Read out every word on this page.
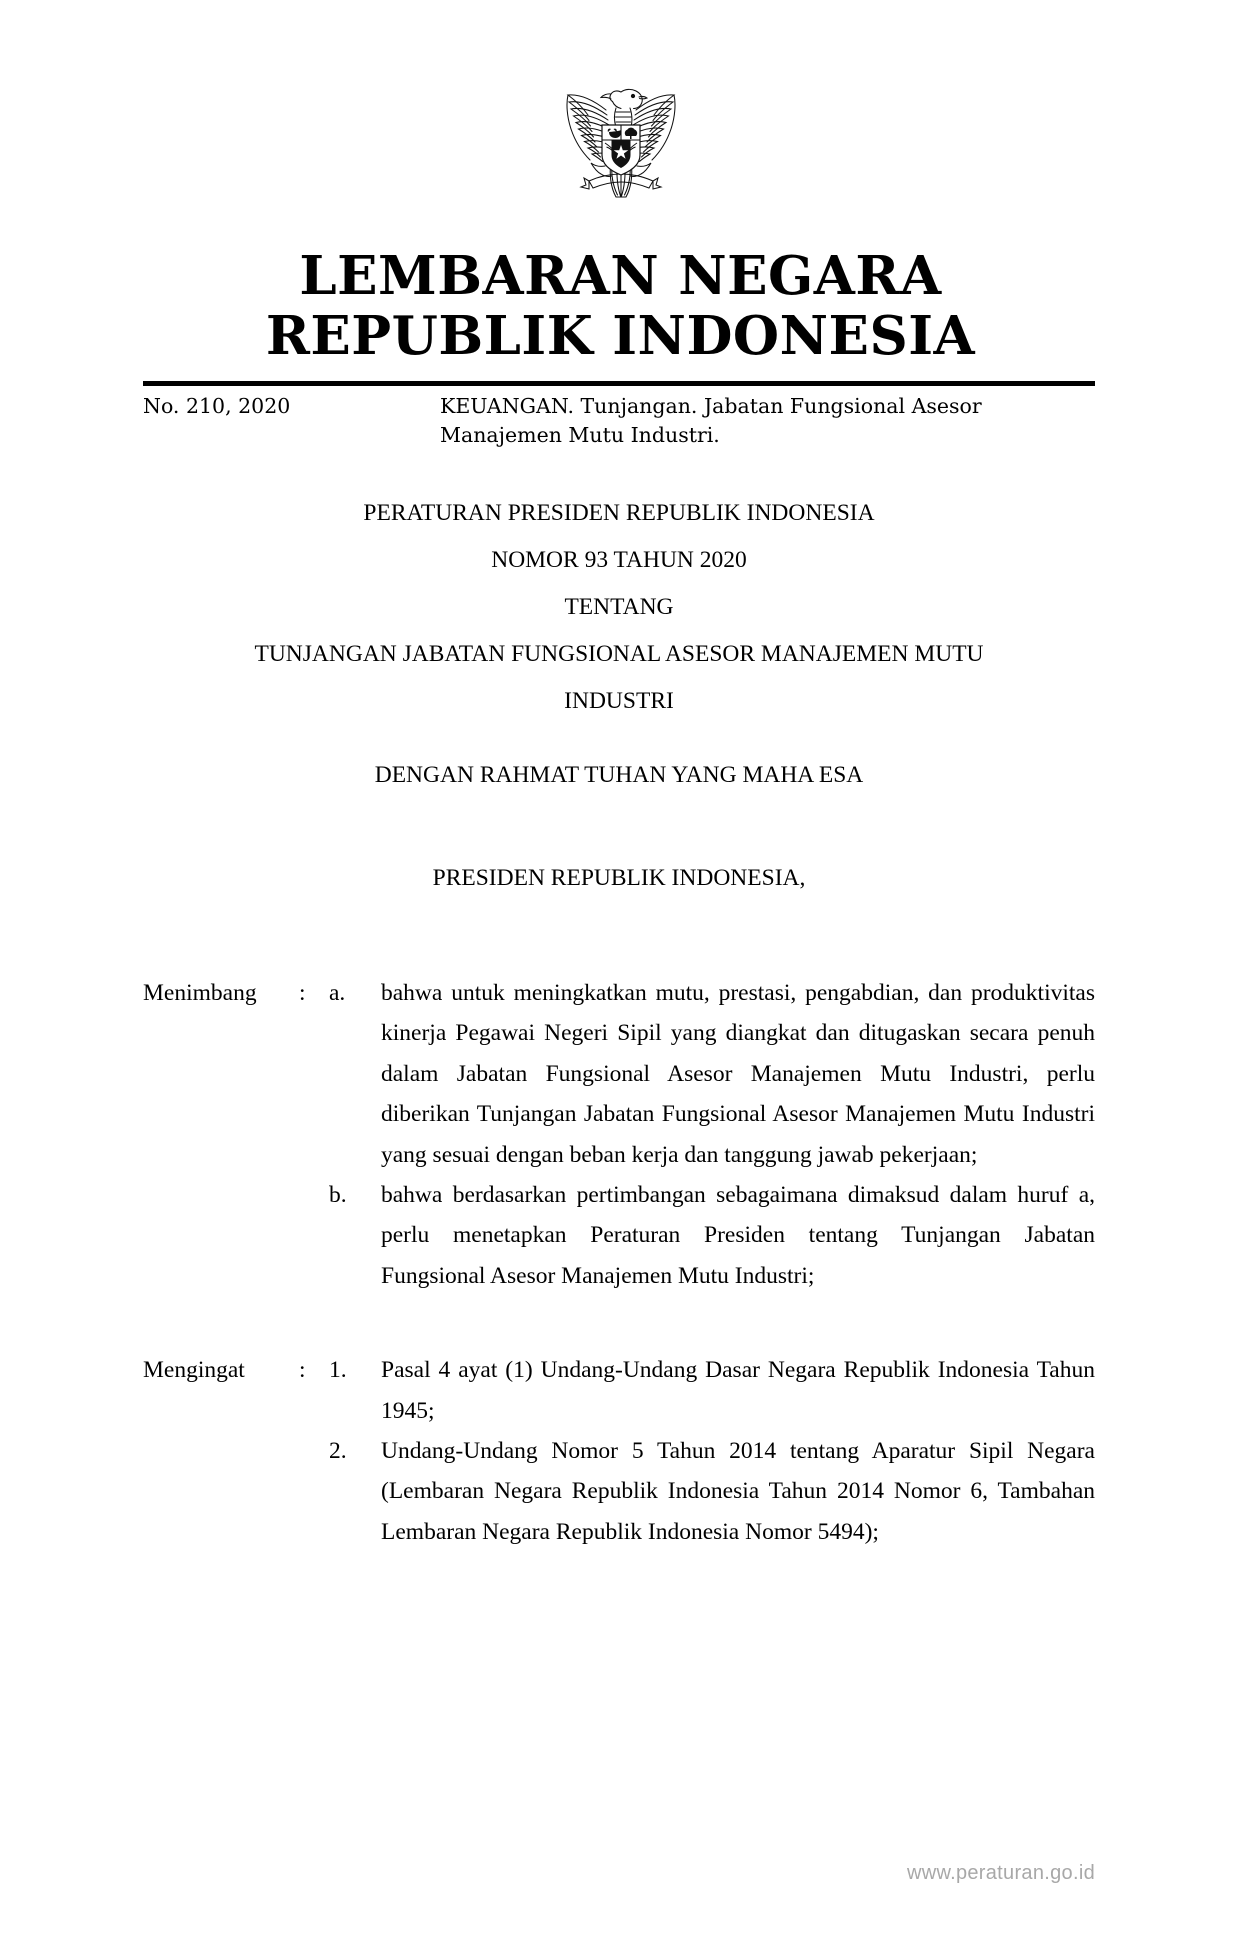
LEMBARAN NEGARA
REPUBLIK INDONESIA
No. 210, 2020	KEUANGAN. Tunjangan. Jabatan Fungsional Asesor Manajemen Mutu Industri.
PERATURAN PRESIDEN REPUBLIK INDONESIA
NOMOR 93 TAHUN 2020
TENTANG
TUNJANGAN JABATAN FUNGSIONAL ASESOR MANAJEMEN MUTU
INDUSTRI
DENGAN RAHMAT TUHAN YANG MAHA ESA
PRESIDEN REPUBLIK INDONESIA,
Menimbang	: a.	bahwa untuk meningkatkan mutu, prestasi, pengabdian, dan produktivitas kinerja Pegawai Negeri Sipil yang diangkat dan ditugaskan secara penuh dalam Jabatan Fungsional Asesor Manajemen Mutu Industri, perlu diberikan Tunjangan Jabatan Fungsional Asesor Manajemen Mutu Industri yang sesuai dengan beban kerja dan tanggung jawab pekerjaan;
b.	bahwa berdasarkan pertimbangan sebagaimana dimaksud dalam huruf a, perlu menetapkan Peraturan Presiden tentang Tunjangan Jabatan Fungsional Asesor Manajemen Mutu Industri;
Mengingat	: 1.	Pasal 4 ayat (1) Undang-Undang Dasar Negara Republik Indonesia Tahun 1945;
2.	Undang-Undang Nomor 5 Tahun 2014 tentang Aparatur Sipil Negara (Lembaran Negara Republik Indonesia Tahun 2014 Nomor 6, Tambahan Lembaran Negara Republik Indonesia Nomor 5494);
www.peraturan.go.id
